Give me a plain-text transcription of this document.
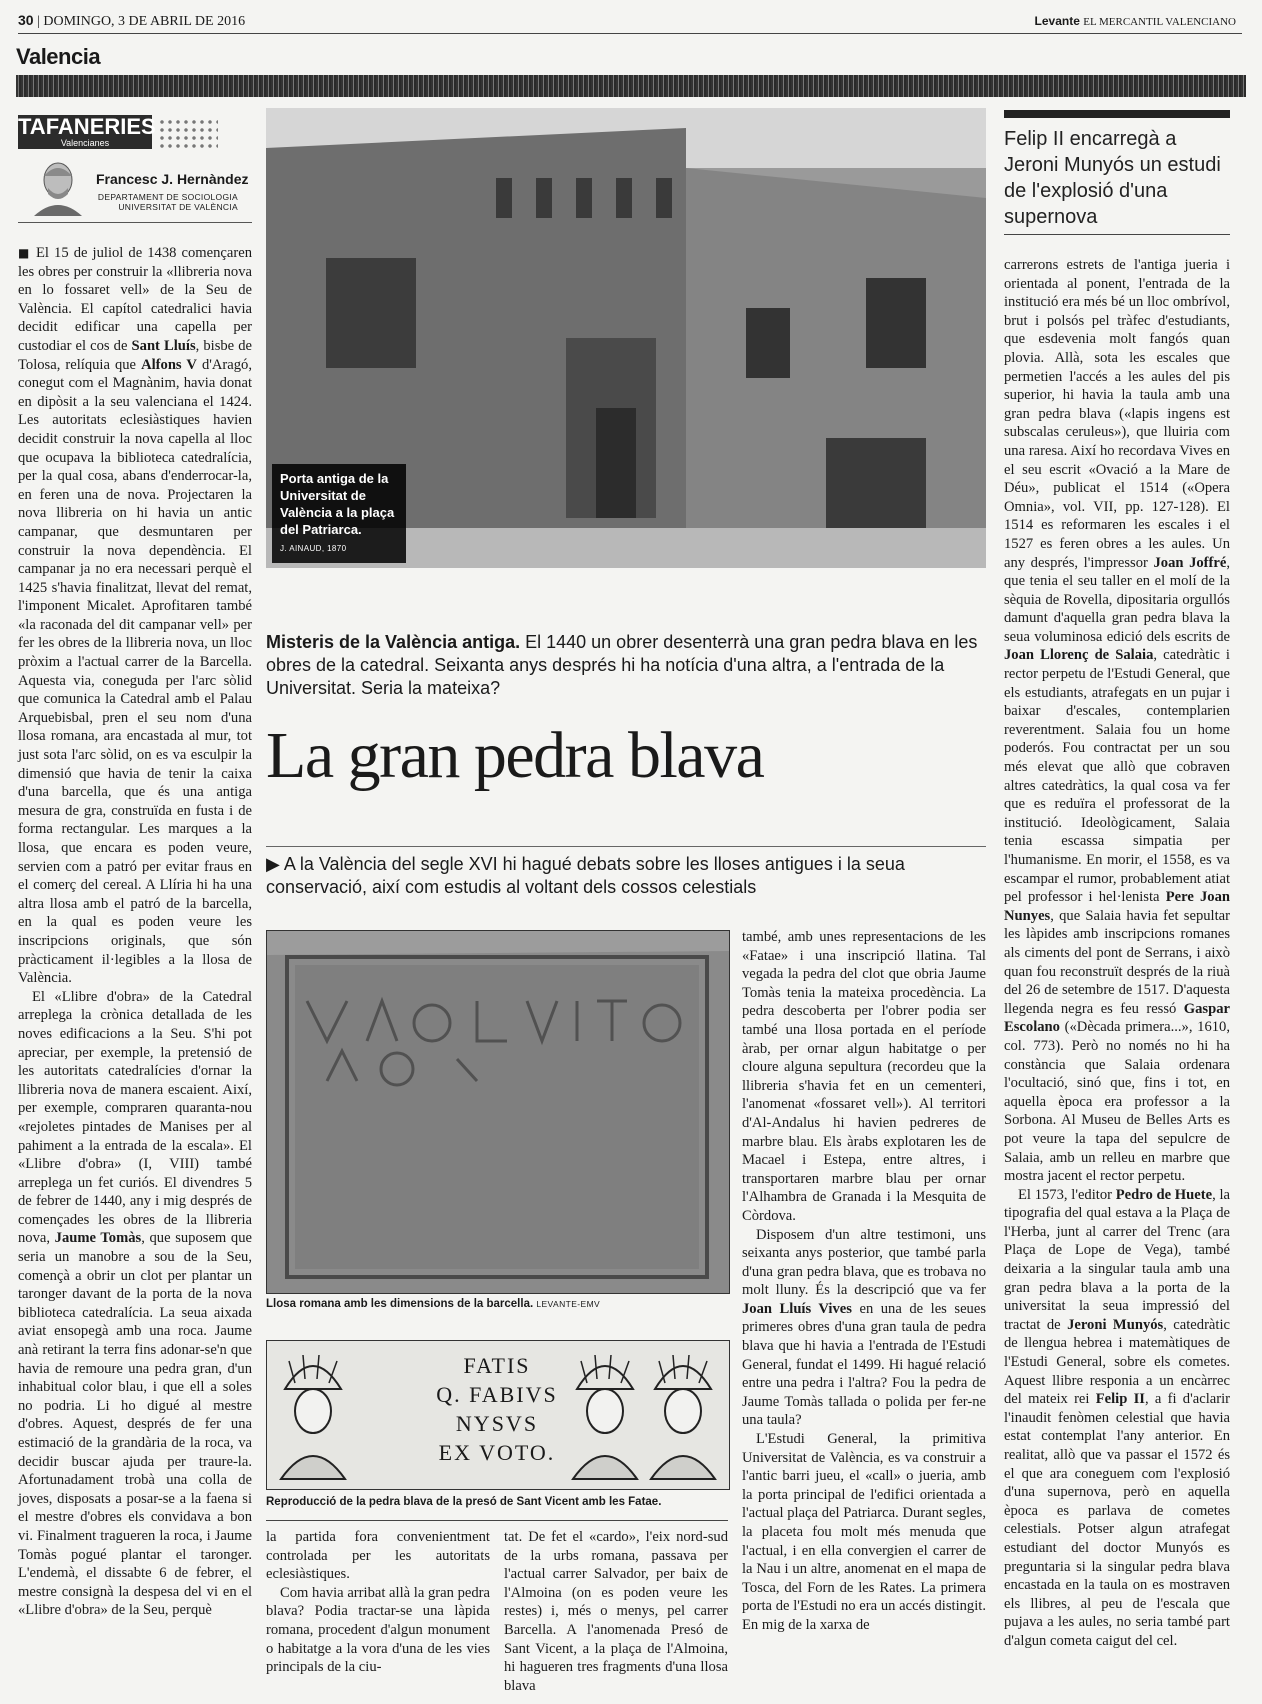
30 | DOMINGO, 3 DE ABRIL DE 2016	Levante EL MERCANTIL VALENCIANO
Valencia
TAFANERIES
Valencianes
Francesc J. Hernàndez
DEPARTAMENT DE SOCIOLOGIA
UNIVERSITAT DE VALÈNCIA

■ El 15 de juliol de 1438 començaren les obres per construir la «llibreria nova en lo fossaret vell» de la Seu de València. El capítol catedralici havia decidit edificar una capella per custodiar el cos de Sant Lluís, bisbe de Tolosa, relíquia que Alfons V d'Aragó, conegut com el Magnànim, havia donat en dipòsit a la seu valenciana el 1424. Les autoritats eclesiàstiques havien decidit construir la nova capella al lloc que ocupava la biblioteca catedralícia, per la qual cosa, abans d'enderrocar-la, en feren una de nova. Projectaren la nova llibreria on hi havia un antic campanar, que desmuntaren per construir la nova dependència. El campanar ja no era necessari perquè el 1425 s'havia finalitzat, llevat del remat, l'imponent Micalet. Aprofitaren també «la raconada del dit campanar vell» per fer les obres de la llibreria nova, un lloc pròxim a l'actual carrer de la Barcella. Aquesta via, coneguda per l'arc sòlid que comunica la Catedral amb el Palau Arquebisbal, pren el seu nom d'una llosa romana, ara encastada al mur, tot just sota l'arc sòlid, on es va esculpir la dimensió que havia de tenir la caixa d'una barcella, que és una antiga mesura de gra, construïda en fusta i de forma rectangular. Les marques a la llosa, que encara es poden veure, servien com a patró per evitar fraus en el comerç del cereal. A Llíria hi ha una altra llosa amb el patró de la barcella, en la qual es poden veure les inscripcions originals, que són pràcticament il·legibles a la llosa de València.

El «Llibre d'obra» de la Catedral arreplega la crònica detallada de les noves edificacions a la Seu. S'hi pot apreciar, per exemple, la pretensió de les autoritats catedralícies d'ornar la llibreria nova de manera escaient. Així, per exemple, compraren quaranta-nou «rejoletes pintades de Manises per al pahiment a la entrada de la escala». El «Llibre d'obra» (I, VIII) també arreplega un fet curiós. El divendres 5 de febrer de 1440, any i mig després de començades les obres de la llibreria nova, Jaume Tomàs, que suposem que seria un manobre a sou de la Seu, començà a obrir un clot per plantar un taronger davant de la porta de la nova biblioteca catedralícia. La seua aixada aviat ensopegà amb una roca. Jaume anà retirant la terra fins adonar-se'n que havia de remoure una pedra gran, d'un inhabitual color blau, i que ell a soles no podria. Li ho digué al mestre d'obres. Aquest, després de fer una estimació de la grandària de la roca, va decidir buscar ajuda per traure-la. Afortunadament trobà una colla de joves, disposats a posar-se a la faena si el mestre d'obres els convidava a bon vi. Finalment tragueren la roca, i Jaume Tomàs pogué plantar el taronger. L'endemà, el dissabte 6 de febrer, el mestre consignà la despesa del vi en el «Llibre d'obra» de la Seu, perquè

Porta antiga de la Universitat de València a la plaça del Patriarca.
J. AINAUD, 1870
Felip II encarregà a Jeroni Munyós un estudi de l'explosió d'una supernova

carrerons estrets de l'antiga jueria i orientada al ponent, l'entrada de la institució era més bé un lloc ombrívol, brut i polsós pel tràfec d'estudiants, que esdevenia molt fangós quan plovia. Allà, sota les escales que permetien l'accés a les aules del pis superior, hi havia la taula amb una gran pedra blava («lapis ingens est subscalas ceruleus»), que lluiria com una raresa. Així ho recordava Vives en el seu escrit «Ovació a la Mare de Déu», publicat el 1514 («Opera Omnia», vol. VII, pp. 127-128). El 1514 es reformaren les escales i el 1527 es feren obres a les aules. Un any després, l'impressor Joan Joffré, que tenia el seu taller en el molí de la sèquia de Rovella, dipositaria orgullós damunt d'aquella gran pedra blava la seua voluminosa edició dels escrits de Joan Llorenç de Salaia, catedràtic i rector perpetu de l'Estudi General, que els estudiants, atrafegats en un pujar i baixar d'escales, contemplarien reverentment. Salaia fou un home poderós. Fou contractat per un sou més elevat que allò que cobraven altres catedràtics, la qual cosa va fer que es reduïra el professorat de la institució. Ideològicament, Salaia tenia escassa simpatia per l'humanisme. En morir, el 1558, es va escampar el rumor, probablement atiat pel professor i hel·lenista Pere Joan Nunyes, que Salaia havia fet sepultar les làpides amb inscripcions romanes als ciments del pont de Serrans, i això quan fou reconstruït després de la riuà del 26 de setembre de 1517. D'aquesta llegenda negra es feu ressó Gaspar Escolano («Dècada primera...», 1610, col. 773). Però no només no hi ha constància que Salaia ordenara l'ocultació, sinó que, fins i tot, en aquella època era professor a la Sorbona. Al Museu de Belles Arts es pot veure la tapa del sepulcre de Salaia, amb un relleu en marbre que mostra jacent el rector perpetu.

El 1573, l'editor Pedro de Huete, la tipografia del qual estava a la Plaça de l'Herba, junt al carrer del Trenc (ara Plaça de Lope de Vega), també deixaria a la singular taula amb una gran pedra blava a la porta de la universitat la seua impressió del tractat de Jeroni Munyós, catedràtic de llengua hebrea i matemàtiques de l'Estudi General, sobre els cometes. Aquest llibre responia a un encàrrec del mateix rei Felip II, a fi d'aclarir l'inaudit fenòmen celestial que havia estat contemplat l'any anterior. En realitat, allò que va passar el 1572 és el que ara coneguem com l'explosió d'una supernova, però en aquella època es parlava de cometes celestials. Potser algun atrafegat estudiant del doctor Munyós es preguntaria si la singular pedra blava encastada en la taula on es mostraven els llibres, al peu de l'escala que pujava a les aules, no seria també part d'algun cometa caigut del cel.

Misteris de la València antiga. El 1440 un obrer desenterrà una gran pedra blava en les obres de la catedral. Seixanta anys després hi ha notícia d'una altra, a l'entrada de la Universitat. Seria la mateixa?
La gran pedra blava
▶ A la València del segle XVI hi hagué debats sobre les lloses antigues i la seua conservació, així com estudis al voltant dels cossos celestials
Llosa romana amb les dimensions de la barcella. LEVANTE-EMV
FATIS
Q. FABIVS
NYSVS
EX VOTO.
Reproducció de la pedra blava de la presó de Sant Vicent amb les Fatae.

la partida fora convenientment controlada per les autoritats eclesiàstiques.

Com havia arribat allà la gran pedra blava? Podia tractar-se una làpida romana, procedent d'algun monument o habitatge a la vora d'una de les vies principals de la ciu-

tat. De fet el «cardo», l'eix nord-sud de la urbs romana, passava per l'actual carrer Salvador, per baix de l'Almoina (on es poden veure les restes) i, més o menys, pel carrer Barcella. A l'anomenada Presó de Sant Vicent, a la plaça de l'Almoina, hi hagueren tres fragments d'una llosa blava

també, amb unes representacions de les «Fatae» i una inscripció llatina. Tal vegada la pedra del clot que obria Jaume Tomàs tenia la mateixa procedència. La pedra descoberta per l'obrer podia ser també una llosa portada en el període àrab, per ornar algun habitatge o per cloure alguna sepultura (recordeu que la llibreria s'havia fet en un cementeri, l'anomenat «fossaret vell»). Al territori d'Al-Andalus hi havien pedreres de marbre blau. Els àrabs explotaren les de Macael i Estepa, entre altres, i transportaren marbre blau per ornar l'Alhambra de Granada i la Mesquita de Còrdova.

Disposem d'un altre testimoni, uns seixanta anys posterior, que també parla d'una gran pedra blava, que es trobava no molt lluny. És la descripció que va fer Joan Lluís Vives en una de les seues primeres obres d'una gran taula de pedra blava que hi havia a l'entrada de l'Estudi General, fundat el 1499. Hi hagué relació entre una pedra i l'altra? Fou la pedra de Jaume Tomàs tallada o polida per fer-ne una taula?

L'Estudi General, la primitiva Universitat de València, es va construir a l'antic barri jueu, el «call» o jueria, amb la porta principal de l'edifici orientada a l'actual plaça del Patriarca. Durant segles, la placeta fou molt més menuda que l'actual, i en ella convergien el carrer de la Nau i un altre, anomenat en el mapa de Tosca, del Forn de les Rates. La primera porta de l'Estudi no era un accés distingit. En mig de la xarxa de
